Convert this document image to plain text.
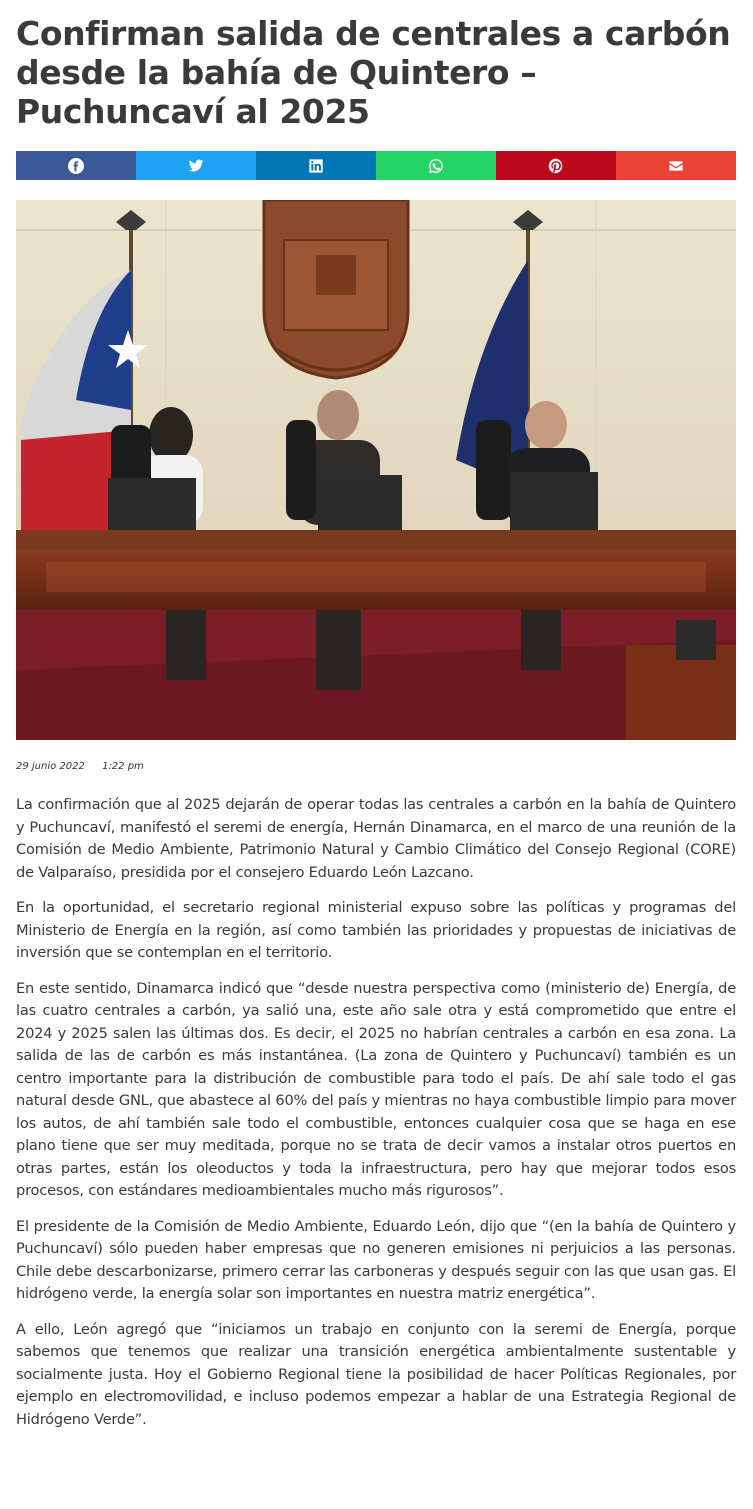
Confirman salida de centrales a carbón desde la bahía de Quintero – Puchuncaví al 2025
29 junio 2022 1:22 pm

La confirmación que al 2025 dejarán de operar todas las centrales a carbón en la bahía de Quintero y Puchuncaví, manifestó el seremi de energía, Hernán Dinamarca, en el marco de una reunión de la Comisión de Medio Ambiente, Patrimonio Natural y Cambio Climático del Consejo Regional (CORE) de Valparaíso, presidida por el consejero Eduardo León Lazcano.

En la oportunidad, el secretario regional ministerial expuso sobre las políticas y programas del Ministerio de Energía en la región, así como también las prioridades y propuestas de iniciativas de inversión que se contemplan en el territorio.

En este sentido, Dinamarca indicó que “desde nuestra perspectiva como (ministerio de) Energía, de las cuatro centrales a carbón, ya salió una, este año sale otra y está comprometido que entre el 2024 y 2025 salen las últimas dos. Es decir, el 2025 no habrían centrales a carbón en esa zona. La salida de las de carbón es más instantánea. (La zona de Quintero y Puchuncaví) también es un centro importante para la distribución de combustible para todo el país. De ahí sale todo el gas natural desde GNL, que abastece al 60% del país y mientras no haya combustible limpio para mover los autos, de ahí también sale todo el combustible, entonces cualquier cosa que se haga en ese plano tiene que ser muy meditada, porque no se trata de decir vamos a instalar otros puertos en otras partes, están los oleoductos y toda la infraestructura, pero hay que mejorar todos esos procesos, con estándares medioambientales mucho más rigurosos”.

El presidente de la Comisión de Medio Ambiente, Eduardo León, dijo que “(en la bahía de Quintero y Puchuncaví) sólo pueden haber empresas que no generen emisiones ni perjuicios a las personas. Chile debe descarbonizarse, primero cerrar las carboneras y después seguir con las que usan gas. El hidrógeno verde, la energía solar son importantes en nuestra matriz energética”.

A ello, León agregó que “iniciamos un trabajo en conjunto con la seremi de Energía, porque sabemos que tenemos que realizar una transición energética ambientalmente sustentable y socialmente justa. Hoy el Gobierno Regional tiene la posibilidad de hacer Políticas Regionales, por ejemplo en electromovilidad, e incluso podemos empezar a hablar de una Estrategia Regional de Hidrógeno Verde”.
